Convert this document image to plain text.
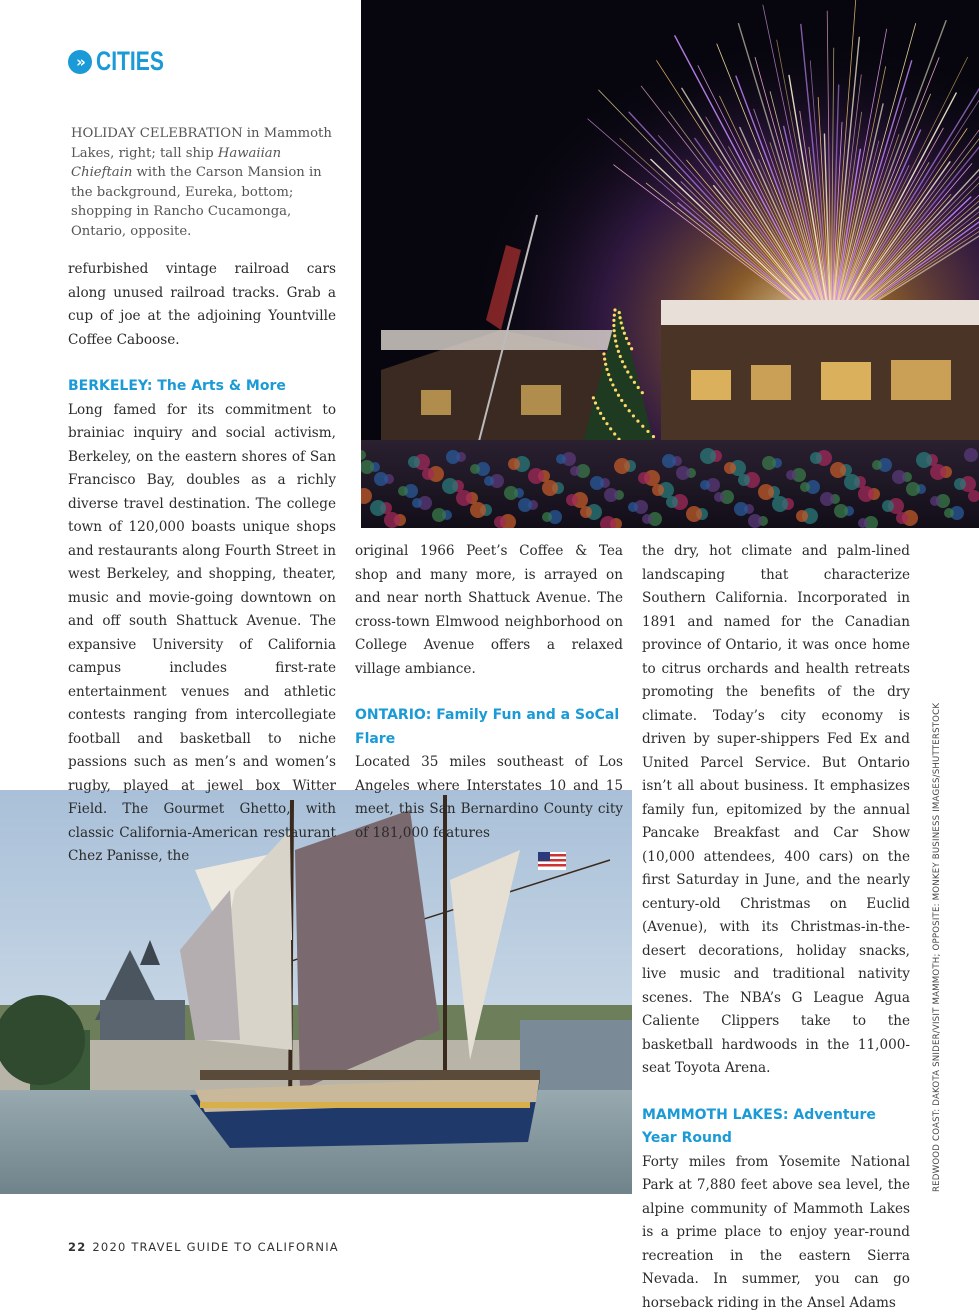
» CITIES
HOLIDAY CELEBRATION in Mammoth Lakes, right; tall ship Hawaiian Chieftain with the Carson Mansion in the background, Eureka, bottom; shopping in Rancho Cucamonga, Ontario, opposite.

refurbished vintage railroad cars along unused railroad tracks. Grab a cup of joe at the adjoining Yountville Coffee Caboose.

BERKELEY: The Arts & More

Long famed for its commitment to brainiac inquiry and social activism, Berkeley, on the eastern shores of San Francisco Bay, doubles as a richly diverse travel destination. The college town of 120,000 boasts unique shops and restaurants along Fourth Street in west Berkeley, and shopping, theater, music and movie-going downtown on and off south Shattuck Avenue. The expansive University of California campus includes first-rate entertainment venues and athletic contests ranging from intercollegiate football and basketball to niche passions such as men’s and women’s rugby, played at jewel box Witter Field. The Gourmet Ghetto, with classic California-American restaurant Chez Panisse, the

original 1966 Peet’s Coffee & Tea shop and many more, is arrayed on and near north Shattuck Avenue. The cross-town Elmwood neighborhood on College Avenue offers a relaxed village ambiance.

ONTARIO: Family Fun and a SoCal Flare

Located 35 miles southeast of Los Angeles where Interstates 10 and 15 meet, this San Bernardino County city of 181,000 features

the dry, hot climate and palm-lined landscaping that characterize Southern California. Incorporated in 1891 and named for the Canadian province of Ontario, it was once home to citrus orchards and health retreats promoting the benefits of the dry climate. Today’s city economy is driven by super-shippers Fed Ex and United Parcel Service. But Ontario isn’t all about business. It emphasizes family fun, epitomized by the annual Pancake Breakfast and Car Show (10,000 attendees, 400 cars) on the first Saturday in June, and the nearly century-old Christmas on Euclid (Avenue), with its Christmas-in-the-desert decorations, holiday snacks, live music and traditional nativity scenes. The NBA’s G League Agua Caliente Clippers take to the basketball hardwoods in the 11,000-seat Toyota Arena.

MAMMOTH LAKES: Adventure Year Round

Forty miles from Yosemite National Park at 7,880 feet above sea level, the alpine community of Mammoth Lakes is a prime place to enjoy year-round recreation in the eastern Sierra Nevada. In summer, you can go horseback riding in the Ansel Adams

REDWOOD COAST: DAKOTA SNIDER/VISIT MAMMOTH; OPPOSITE: MONKEY BUSINESS IMAGES/SHUTTERSTOCK
22 2020 TRAVEL GUIDE TO CALIFORNIA
